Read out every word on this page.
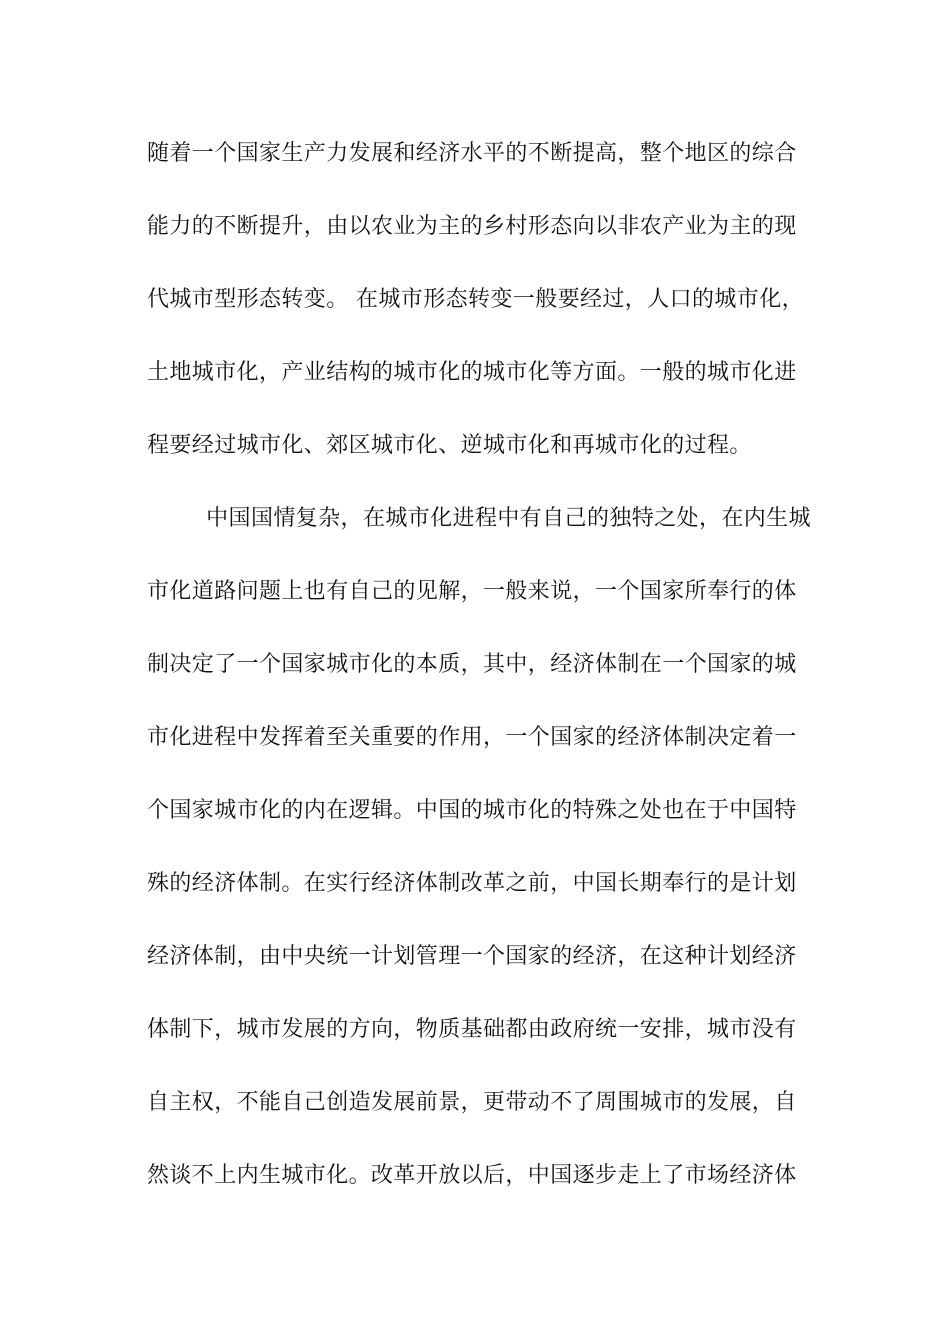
随着一个国家生产力发展和经济水平的不断提高，整个地区的综合
能力的不断提升，由以农业为主的乡村形态向以非农产业为主的现
代城市型形态转变。 在城市形态转变一般要经过，人口的城市化，
土地城市化，产业结构的城市化的城市化等方面。一般的城市化进
程要经过城市化、郊区城市化、逆城市化和再城市化的过程。
中国国情复杂，在城市化进程中有自己的独特之处，在内生城
市化道路问题上也有自己的见解，一般来说，一个国家所奉行的体
制决定了一个国家城市化的本质，其中，经济体制在一个国家的城
市化进程中发挥着至关重要的作用，一个国家的经济体制决定着一
个国家城市化的内在逻辑。中国的城市化的特殊之处也在于中国特
殊的经济体制。在实行经济体制改革之前，中国长期奉行的是计划
经济体制，由中央统一计划管理一个国家的经济，在这种计划经济
体制下，城市发展的方向，物质基础都由政府统一安排，城市没有
自主权，不能自己创造发展前景，更带动不了周围城市的发展，自
然谈不上内生城市化。改革开放以后，中国逐步走上了市场经济体
